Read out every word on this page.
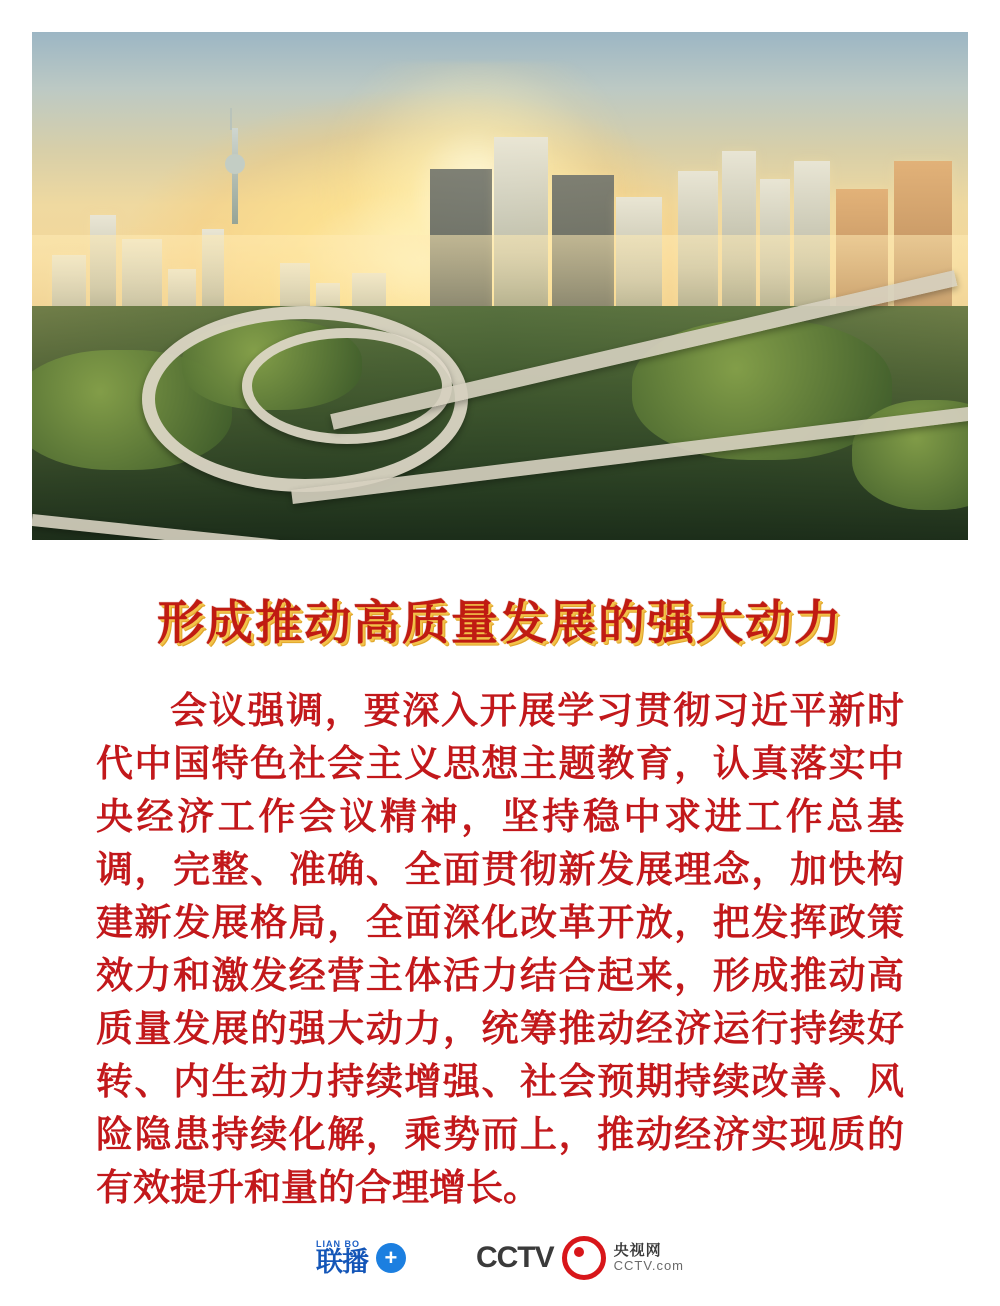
形成推动高质量发展的强大动力

会议强调，要深入开展学习贯彻习近平新时代中国特色社会主义思想主题教育，认真落实中央经济工作会议精神，坚持稳中求进工作总基调，完整、准确、全面贯彻新发展理念，加快构建新发展格局，全面深化改革开放，把发挥政策效力和激发经营主体活力结合起来，形成推动高质量发展的强大动力，统筹推动经济运行持续好转、内生动力持续增强、社会预期持续改善、风险隐患持续化解，乘势而上，推动经济实现质的有效提升和量的合理增长。

LIAN BO
联播 +	CCTV	央视网
CCTV.com
